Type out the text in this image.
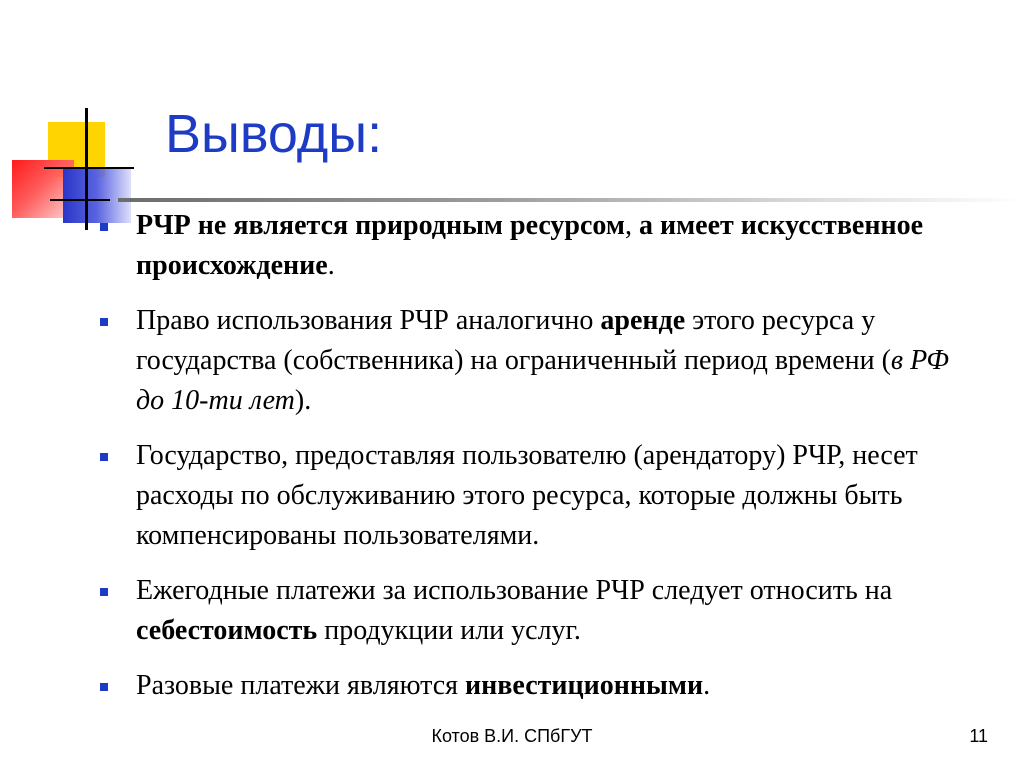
Выводы:
РЧР не является природным ресурсом, а имеет искусственное происхождение.
Право использования РЧР аналогично аренде этого ресурса у государства (собственника) на ограниченный период времени (в РФ до 10-ти лет).
Государство, предоставляя пользователю (арендатору) РЧР, несет расходы по обслуживанию этого ресурса, которые должны быть компенсированы пользователями.
Ежегодные платежи за использование РЧР следует относить на себестоимость продукции или услуг.
Разовые платежи являются инвестиционными.
Котов В.И. СПбГУТ	11
